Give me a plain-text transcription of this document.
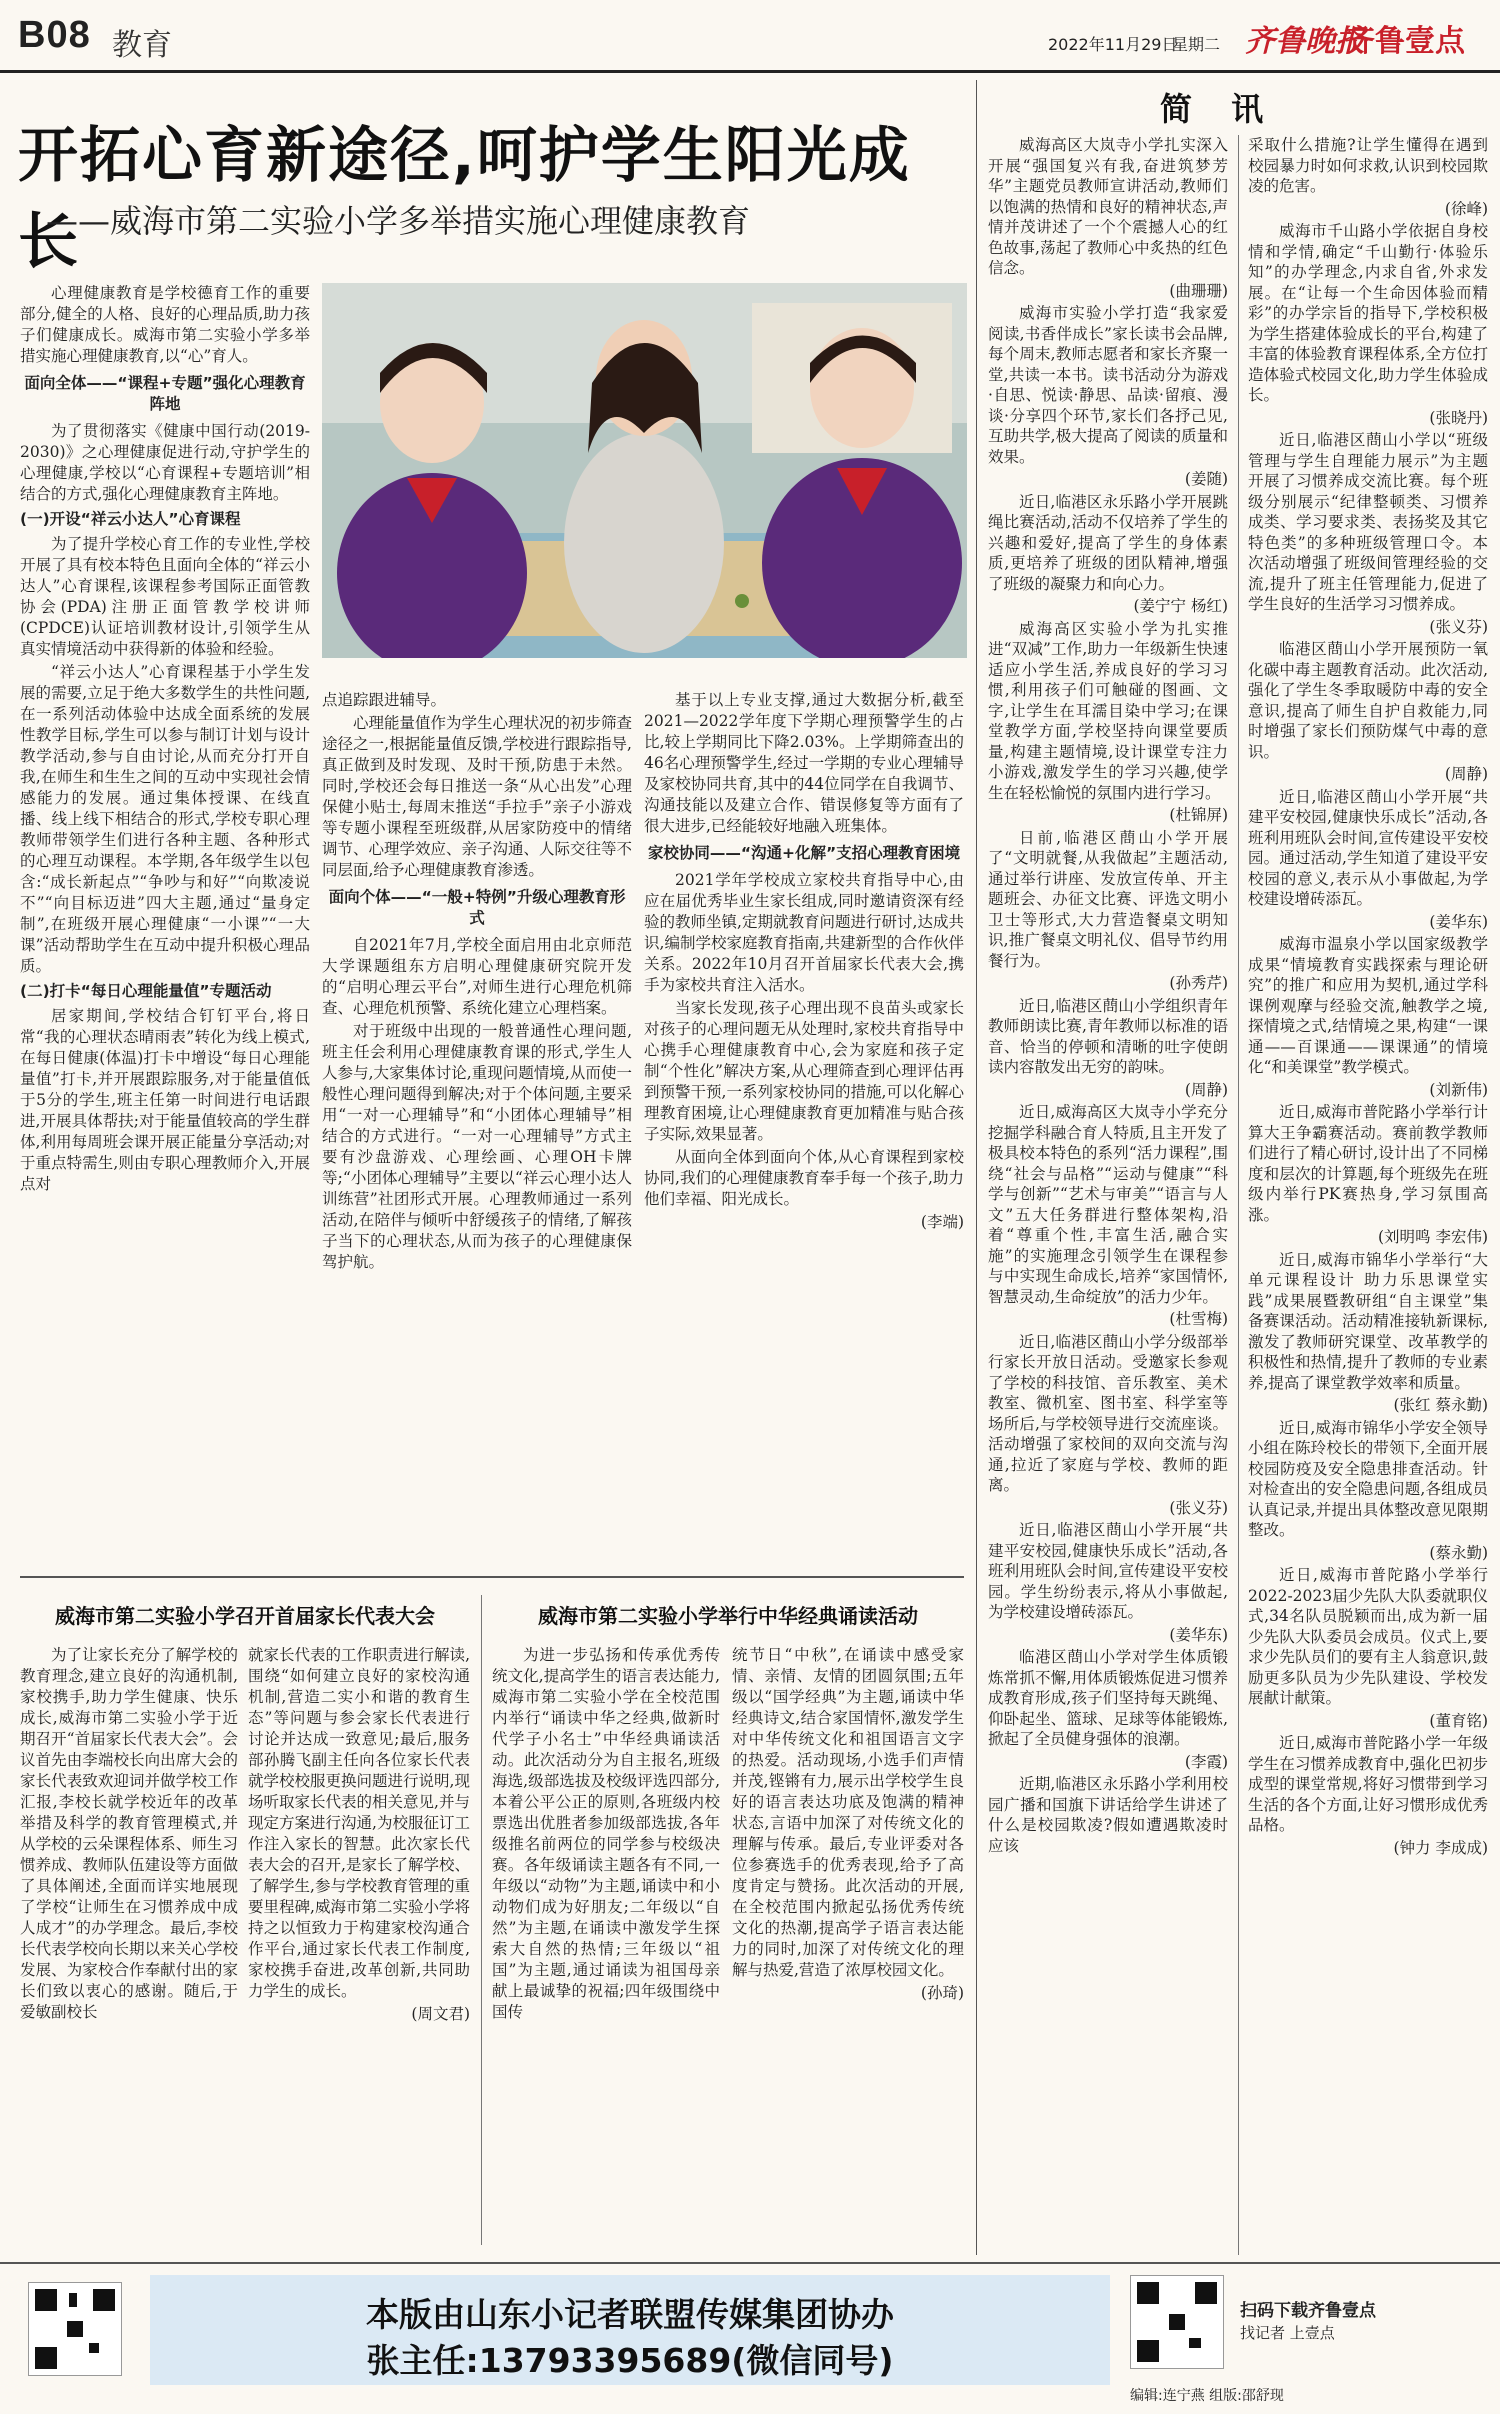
B08 教育	2022年11月29日
星期二 齐鲁晚报
齐鲁壹点
开拓心育新途径,呵护学生阳光成长
——威海市第二实验小学多举措实施心理健康教育

心理健康教育是学校德育工作的重要部分,健全的人格、良好的心理品质,助力孩子们健康成长。威海市第二实验小学多举措实施心理健康教育,以“心”育人。

面向全体——“课程+专题”强化心理教育阵地

为了贯彻落实《健康中国行动(2019-2030)》之心理健康促进行动,守护学生的心理健康,学校以“心育课程+专题培训”相结合的方式,强化心理健康教育主阵地。

(一)开设“祥云小达人”心育课程

为了提升学校心育工作的专业性,学校开展了具有校本特色且面向全体的“祥云小达人”心育课程,该课程参考国际正面管教协会(PDA)注册正面管教学校讲师(CPDCE)认证培训教材设计,引领学生从真实情境活动中获得新的体验和经验。

“祥云小达人”心育课程基于小学生发展的需要,立足于绝大多数学生的共性问题,在一系列活动体验中达成全面系统的发展性教学目标,学生可以参与制订计划与设计教学活动,参与自由讨论,从而充分打开自我,在师生和生生之间的互动中实现社会情感能力的发展。通过集体授课、在线直播、线上线下相结合的形式,学校专职心理教师带领学生们进行各种主题、各种形式的心理互动课程。本学期,各年级学生以包含:“成长新起点”“争吵与和好”“向欺凌说不”“向目标迈进”四大主题,通过“量身定制”,在班级开展心理健康“一小课”“一大课”活动帮助学生在互动中提升积极心理品质。

(二)打卡“每日心理能量值”专题活动

居家期间,学校结合钉钉平台,将日常“我的心理状态晴雨表”转化为线上模式,在每日健康(体温)打卡中增设“每日心理能量值”打卡,并开展跟踪服务,对于能量值低于5分的学生,班主任第一时间进行电话跟进,开展具体帮扶;对于能量值较高的学生群体,利用每周班会课开展正能量分享活动;对于重点特需生,则由专职心理教师介入,开展点对

点追踪跟进辅导。

心理能量值作为学生心理状况的初步筛查途径之一,根据能量值反馈,学校进行跟踪指导,真正做到及时发现、及时干预,防患于未然。同时,学校还会每日推送一条“从心出发”心理保健小贴士,每周末推送“手拉手”亲子小游戏等专题小课程至班级群,从居家防疫中的情绪调节、心理学效应、亲子沟通、人际交往等不同层面,给予心理健康教育渗透。

面向个体——“一般+特例”升级心理教育形式

自2021年7月,学校全面启用由北京师范大学课题组东方启明心理健康研究院开发的“启明心理云平台”,对师生进行心理危机筛查、心理危机预警、系统化建立心理档案。

对于班级中出现的一般普通性心理问题,班主任会利用心理健康教育课的形式,学生人人参与,大家集体讨论,重现问题情境,从而使一般性心理问题得到解决;对于个体问题,主要采用“一对一心理辅导”和“小团体心理辅导”相结合的方式进行。“一对一心理辅导”方式主要有沙盘游戏、心理绘画、心理OH卡牌等;“小团体心理辅导”主要以“祥云心理小达人训练营”社团形式开展。心理教师通过一系列活动,在陪伴与倾听中舒缓孩子的情绪,了解孩子当下的心理状态,从而为孩子的心理健康保驾护航。

基于以上专业支撑,通过大数据分析,截至2021—2022学年度下学期心理预警学生的占比,较上学期同比下降2.03%。上学期筛查出的46名心理预警学生,经过一学期的专业心理辅导及家校协同共育,其中的44位同学在自我调节、沟通技能以及建立合作、错误修复等方面有了很大进步,已经能较好地融入班集体。

家校协同——“沟通+化解”支招心理教育困境

2021学年学校成立家校共育指导中心,由应在届优秀毕业生家长组成,同时邀请资深有经验的教师坐镇,定期就教育问题进行研讨,达成共识,编制学校家庭教育指南,共建新型的合作伙伴关系。2022年10月召开首届家长代表大会,携手为家校共育注入活水。

当家长发现,孩子心理出现不良苗头或家长对孩子的心理问题无从处理时,家校共育指导中心携手心理健康教育中心,会为家庭和孩子定制“个性化”解决方案,从心理筛查到心理评估再到预警干预,一系列家校协同的措施,可以化解心理教育困境,让心理健康教育更加精准与贴合孩子实际,效果显著。

从面向全体到面向个体,从心育课程到家校协同,我们的心理健康教育奉手每一个孩子,助力他们幸福、阳光成长。

(李端)

威海市第二实验小学召开首届家长代表大会

为了让家长充分了解学校的教育理念,建立良好的沟通机制,家校携手,助力学生健康、快乐成长,威海市第二实验小学于近期召开“首届家长代表大会”。会议首先由李端校长向出席大会的家长代表致欢迎词并做学校工作汇报,李校长就学校近年的改革举措及科学的教育管理模式,并从学校的云朵课程体系、师生习惯养成、教师队伍建设等方面做了具体阐述,全面而详实地展现了学校“让师生在习惯养成中成人成才”的办学理念。最后,李校长代表学校向长期以来关心学校发展、为家校合作奉献付出的家长们致以衷心的感谢。随后,于爱敏副校长

就家长代表的工作职责进行解读,围绕“如何建立良好的家校沟通机制,营造二实小和谐的教育生态”等问题与参会家长代表进行讨论并达成一致意见;最后,服务部孙腾飞副主任向各位家长代表就学校校服更换问题进行说明,现场听取家长代表的相关意见,并与现定方案进行沟通,为校服征订工作注入家长的智慧。此次家长代表大会的召开,是家长了解学校、了解学生,参与学校教育管理的重要里程碑,威海市第二实验小学将持之以恒致力于构建家校沟通合作平台,通过家长代表工作制度,家校携手奋进,改革创新,共同助力学生的成长。

(周文君)

威海市第二实验小学举行中华经典诵读活动

为进一步弘扬和传承优秀传统文化,提高学生的语言表达能力,威海市第二实验小学在全校范围内举行“诵读中华之经典,做新时代学子小名士”中华经典诵读活动。此次活动分为自主报名,班级海选,级部选拔及校级评选四部分,本着公平公正的原则,各班级内校票选出优胜者参加级部选拔,各年级推名前两位的同学参与校级决赛。各年级诵读主题各有不同,一年级以“动物”为主题,诵读中和小动物们成为好朋友;二年级以“自然”为主题,在诵读中激发学生探索大自然的热情;三年级以“祖国”为主题,通过诵读为祖国母亲献上最诚挚的祝福;四年级围绕中国传

统节日“中秋”,在诵读中感受家情、亲情、友情的团圆氛围;五年级以“国学经典”为主题,诵读中华经典诗文,结合家国情怀,激发学生对中华传统文化和祖国语言文字的热爱。活动现场,小选手们声情并茂,铿锵有力,展示出学校学生良好的语言表达功底及饱满的精神状态,言语中加深了对传统文化的理解与传承。最后,专业评委对各位参赛选手的优秀表现,给予了高度肯定与赞扬。此次活动的开展,在全校范围内掀起弘扬优秀传统文化的热潮,提高学子语言表达能力的同时,加深了对传统文化的理解与热爱,营造了浓厚校园文化。

(孙琦)

简 讯

威海高区大岚寺小学扎实深入开展“强国复兴有我,奋进筑梦芳华”主题党员教师宣讲活动,教师们以饱满的热情和良好的精神状态,声情并茂讲述了一个个震撼人心的红色故事,荡起了教师心中炙热的红色信念。

(曲珊珊)

威海市实验小学打造“我家爱阅读,书香伴成长”家长读书会品牌,每个周末,教师志愿者和家长齐聚一堂,共读一本书。读书活动分为游戏·自思、悦读·静思、品读·留痕、漫谈·分享四个环节,家长们各抒己见,互助共学,极大提高了阅读的质量和效果。

(姜随)

近日,临港区永乐路小学开展跳绳比赛活动,活动不仅培养了学生的兴趣和爱好,提高了学生的身体素质,更培养了班级的团队精神,增强了班级的凝聚力和向心力。

(姜宁宁 杨红)

威海高区实验小学为扎实推进“双减”工作,助力一年级新生快速适应小学生活,养成良好的学习习惯,利用孩子们可触碰的图画、文字,让学生在耳濡目染中学习;在课堂教学方面,学校坚持向课堂要质量,构建主题情境,设计课堂专注力小游戏,激发学生的学习兴趣,使学生在轻松愉悦的氛围内进行学习。

(杜锦屏)

日前,临港区蔄山小学开展了“文明就餐,从我做起”主题活动,通过举行讲座、发放宣传单、开主题班会、办征文比赛、评选文明小卫士等形式,大力营造餐桌文明知识,推广餐桌文明礼仪、倡导节约用餐行为。

(孙秀芹)

近日,临港区蔄山小学组织青年教师朗读比赛,青年教师以标准的语音、恰当的停顿和清晰的吐字使朗读内容散发出无穷的韵味。

(周静)

近日,威海高区大岚寺小学充分挖掘学科融合育人特质,且主开发了极具校本特色的系列“活力课程”,围绕“社会与品格”“运动与健康”“科学与创新”“艺术与审美”“语言与人文”五大任务群进行整体架构,沿着“尊重个性,丰富生活,融合实施”的实施理念引领学生在课程参与中实现生命成长,培养“家国情怀,智慧灵动,生命绽放”的活力少年。

(杜雪梅)

近日,临港区蔄山小学分级部举行家长开放日活动。受邀家长参观了学校的科技馆、音乐教室、美术教室、微机室、图书室、科学室等场所后,与学校领导进行交流座谈。活动增强了家校间的双向交流与沟通,拉近了家庭与学校、教师的距离。

(张义芬)

近日,临港区蔄山小学开展“共建平安校园,健康快乐成长”活动,各班利用班队会时间,宣传建设平安校园。学生纷纷表示,将从小事做起,为学校建设增砖添瓦。

(姜华东)

临港区蔄山小学对学生体质锻炼常抓不懈,用体质锻炼促进习惯养成教育形成,孩子们坚持每天跳绳、仰卧起坐、篮球、足球等体能锻炼,掀起了全员健身强体的浪潮。

(李霞)

近期,临港区永乐路小学利用校园广播和国旗下讲话给学生讲述了什么是校园欺凌?假如遭遇欺凌时应该

采取什么措施?让学生懂得在遇到校园暴力时如何求救,认识到校园欺凌的危害。

(徐峰)

威海市千山路小学依据自身校情和学情,确定“千山勤行·体验乐知”的办学理念,内求自省,外求发展。在“让每一个生命因体验而精彩”的办学宗旨的指导下,学校积极为学生搭建体验成长的平台,构建了丰富的体验教育课程体系,全方位打造体验式校园文化,助力学生体验成长。

(张晓丹)

近日,临港区蔄山小学以“班级管理与学生自理能力展示”为主题开展了习惯养成交流比赛。每个班级分别展示“纪律整顿类、习惯养成类、学习要求类、表扬奖及其它特色类”的多种班级管理口令。本次活动增强了班级间管理经验的交流,提升了班主任管理能力,促进了学生良好的生活学习习惯养成。

(张义芬)

临港区蔄山小学开展预防一氧化碳中毒主题教育活动。此次活动,强化了学生冬季取暖防中毒的安全意识,提高了师生自护自救能力,同时增强了家长们预防煤气中毒的意识。

(周静)

近日,临港区蔄山小学开展“共建平安校园,健康快乐成长”活动,各班利用班队会时间,宣传建设平安校园。通过活动,学生知道了建设平安校园的意义,表示从小事做起,为学校建设增砖添瓦。

(姜华东)

威海市温泉小学以国家级教学成果“情境教育实践探索与理论研究”的推广和应用为契机,通过学科课例观摩与经验交流,触教学之境,探情境之式,结情境之果,构建“一课通——百课通——课课通”的情境化“和美课堂”教学模式。

(刘新伟)

近日,威海市普陀路小学举行计算大王争霸赛活动。赛前教学教师们进行了精心研讨,设计出了不同梯度和层次的计算题,每个班级先在班级内举行PK赛热身,学习氛围高涨。

(刘明鸣 李宏伟)

近日,威海市锦华小学举行“大单元课程设计 助力乐思课堂实践”成果展暨教研组“自主课堂”集备赛课活动。活动精准接轨新课标,激发了教师研究课堂、改革教学的积极性和热情,提升了教师的专业素养,提高了课堂教学效率和质量。

(张红 蔡永勤)

近日,威海市锦华小学安全领导小组在陈玲校长的带领下,全面开展校园防疫及安全隐患排查活动。针对检查出的安全隐患问题,各组成员认真记录,并提出具体整改意见限期整改。

(蔡永勤)

近日,威海市普陀路小学举行2022-2023届少先队大队委就职仪式,34名队员脱颖而出,成为新一届少先队大队委员会成员。仪式上,要求少先队员们的要有主人翁意识,鼓励更多队员为少先队建设、学校发展献计献策。

(董育铭)

近日,威海市普陀路小学一年级学生在习惯养成教育中,强化巴初步成型的课堂常规,将好习惯带到学习生活的各个方面,让好习惯形成优秀品格。

(钟力 李成成)

本版由山东小记者联盟传媒集团协办
张主任:13793395689(微信同号)
扫码下载齐鲁壹点
找记者 上壹点
编辑:连宁燕 组版:邵舒现
